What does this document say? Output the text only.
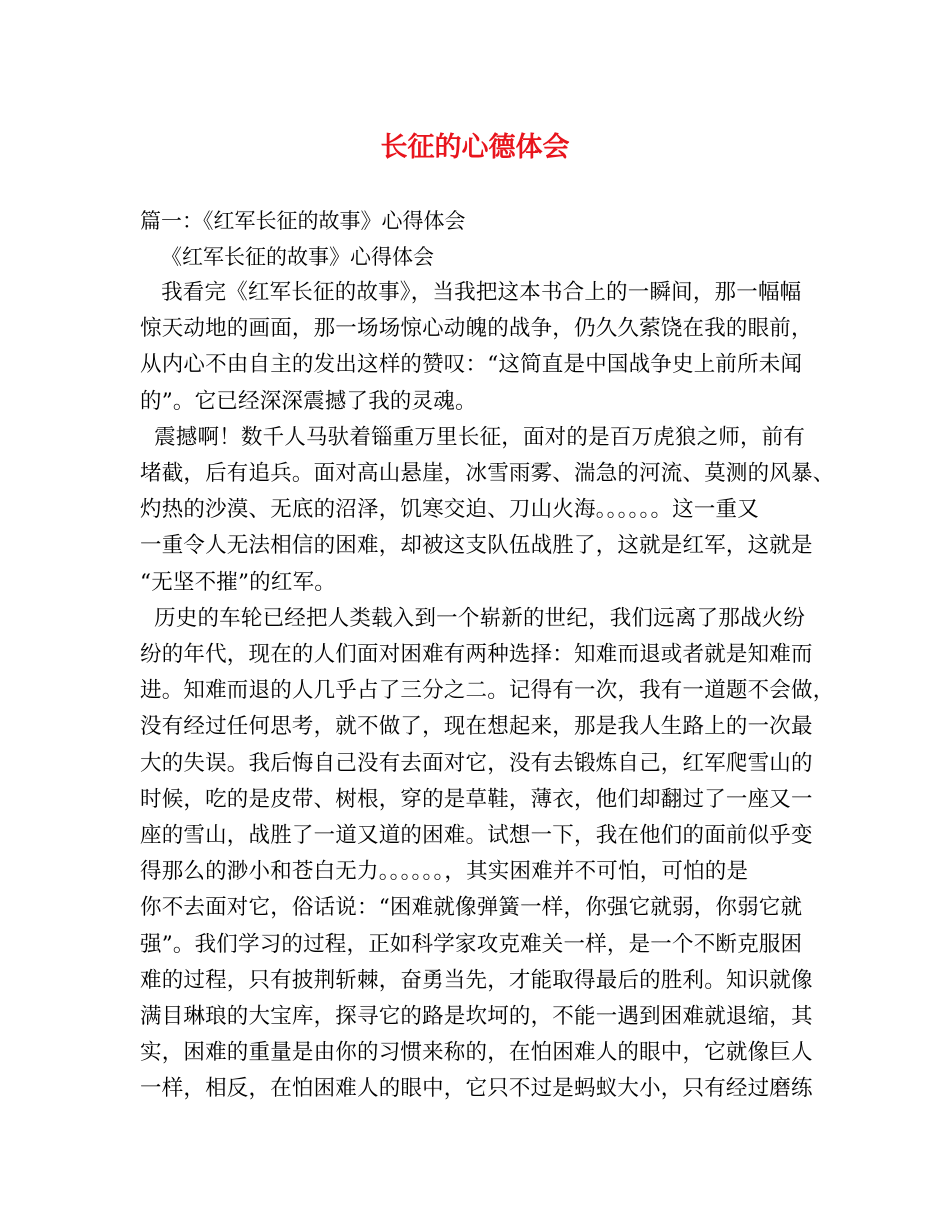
长征的心德体会

篇一：《红军长征的故事》心得体会

《红军长征的故事》心得体会

我看完《红军长征的故事》，当我把这本书合上的一瞬间，那一幅幅
惊天动地的画面，那一场场惊心动魄的战争，仍久久萦饶在我的眼前，
从内心不由自主的发出这样的赞叹：“这简直是中国战争史上前所未闻
的”。它已经深深震撼了我的灵魂。

震撼啊！数千人马驮着锱重万里长征，面对的是百万虎狼之师，前有
堵截，后有追兵。面对高山悬崖，冰雪雨雾、湍急的河流、莫测的风暴、
灼热的沙漠、无底的沼泽，饥寒交迫、刀山火海。。。。。。这一重又
一重令人无法相信的困难，却被这支队伍战胜了，这就是红军，这就是
“无坚不摧”的红军。

历史的车轮已经把人类载入到一个崭新的世纪，我们远离了那战火纷
纷的年代，现在的人们面对困难有两种选择：知难而退或者就是知难而
进。知难而退的人几乎占了三分之二。记得有一次，我有一道题不会做，
没有经过任何思考，就不做了，现在想起来，那是我人生路上的一次最
大的失误。我后悔自己没有去面对它，没有去锻炼自己，红军爬雪山的
时候，吃的是皮带、树根，穿的是草鞋，薄衣，他们却翻过了一座又一
座的雪山，战胜了一道又道的困难。试想一下，我在他们的面前似乎变
得那么的渺小和苍白无力。。。。。。，其实困难并不可怕，可怕的是
你不去面对它，俗话说：“困难就像弹簧一样，你强它就弱，你弱它就
强”。我们学习的过程，正如科学家攻克难关一样，是一个不断克服困
难的过程，只有披荆斩棘，奋勇当先，才能取得最后的胜利。知识就像
满目琳琅的大宝库，探寻它的路是坎坷的，不能一遇到困难就退缩，其
实，困难的重量是由你的习惯来称的，在怕困难人的眼中，它就像巨人
一样，相反，在怕困难人的眼中，它只不过是蚂蚁大小，只有经过磨练
